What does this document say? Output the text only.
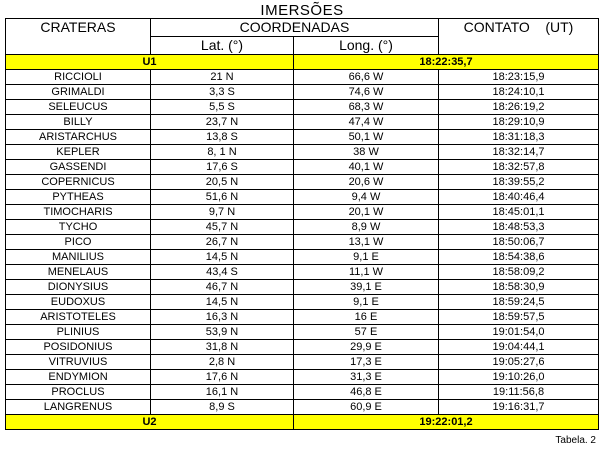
IMERSÕES
CRATERAS	COORDENADAS		CONTATO    (UT)
	Lat. (°)	Long. (°)	
U1		18:22:35,7	
RICCIOLI	21 N	66,6 W	18:23:15,9
GRIMALDI	3,3 S	74,6 W	18:24:10,1
SELEUCUS	5,5 S	68,3 W	18:26:19,2
BILLY	23,7 N	47,4 W	18:29:10,9
ARISTARCHUS	13,8 S	50,1 W	18:31:18,3
KEPLER	8, 1 N	38 W	18:32:14,7
GASSENDI	17,6 S	40,1 W	18:32:57,8
COPERNICUS	20,5 N	20,6 W	18:39:55,2
PYTHEAS	51,6 N	9,4 W	18:40:46,4
TIMOCHARIS	9,7 N	20,1 W	18:45:01,1
TYCHO	45,7 N	8,9 W	18:48:53,3
PICO	26,7 N	13,1 W	18:50:06,7
MANILIUS	14,5 N	9,1 E	18:54:38,6
MENELAUS	43,4 S	11,1 W	18:58:09,2
DIONYSIUS	46,7 N	39,1 E	18:58:30,9
EUDOXUS	14,5 N	9,1 E	18:59:24,5
ARISTOTELES	16,3 N	16 E	18:59:57,5
PLINIUS	53,9 N	57 E	19:01:54,0
POSIDONIUS	31,8 N	29,9 E	19:04:44,1
VITRUVIUS	2,8 N	17,3 E	19:05:27,6
ENDYMION	17,6 N	31,3 E	19:10:26,0
PROCLUS	16,1 N	46,8 E	19:11:56,8
LANGRENUS	8,9 S	60,9 E	19:16:31,7
U2		19:22:01,2	
Tabela. 2
